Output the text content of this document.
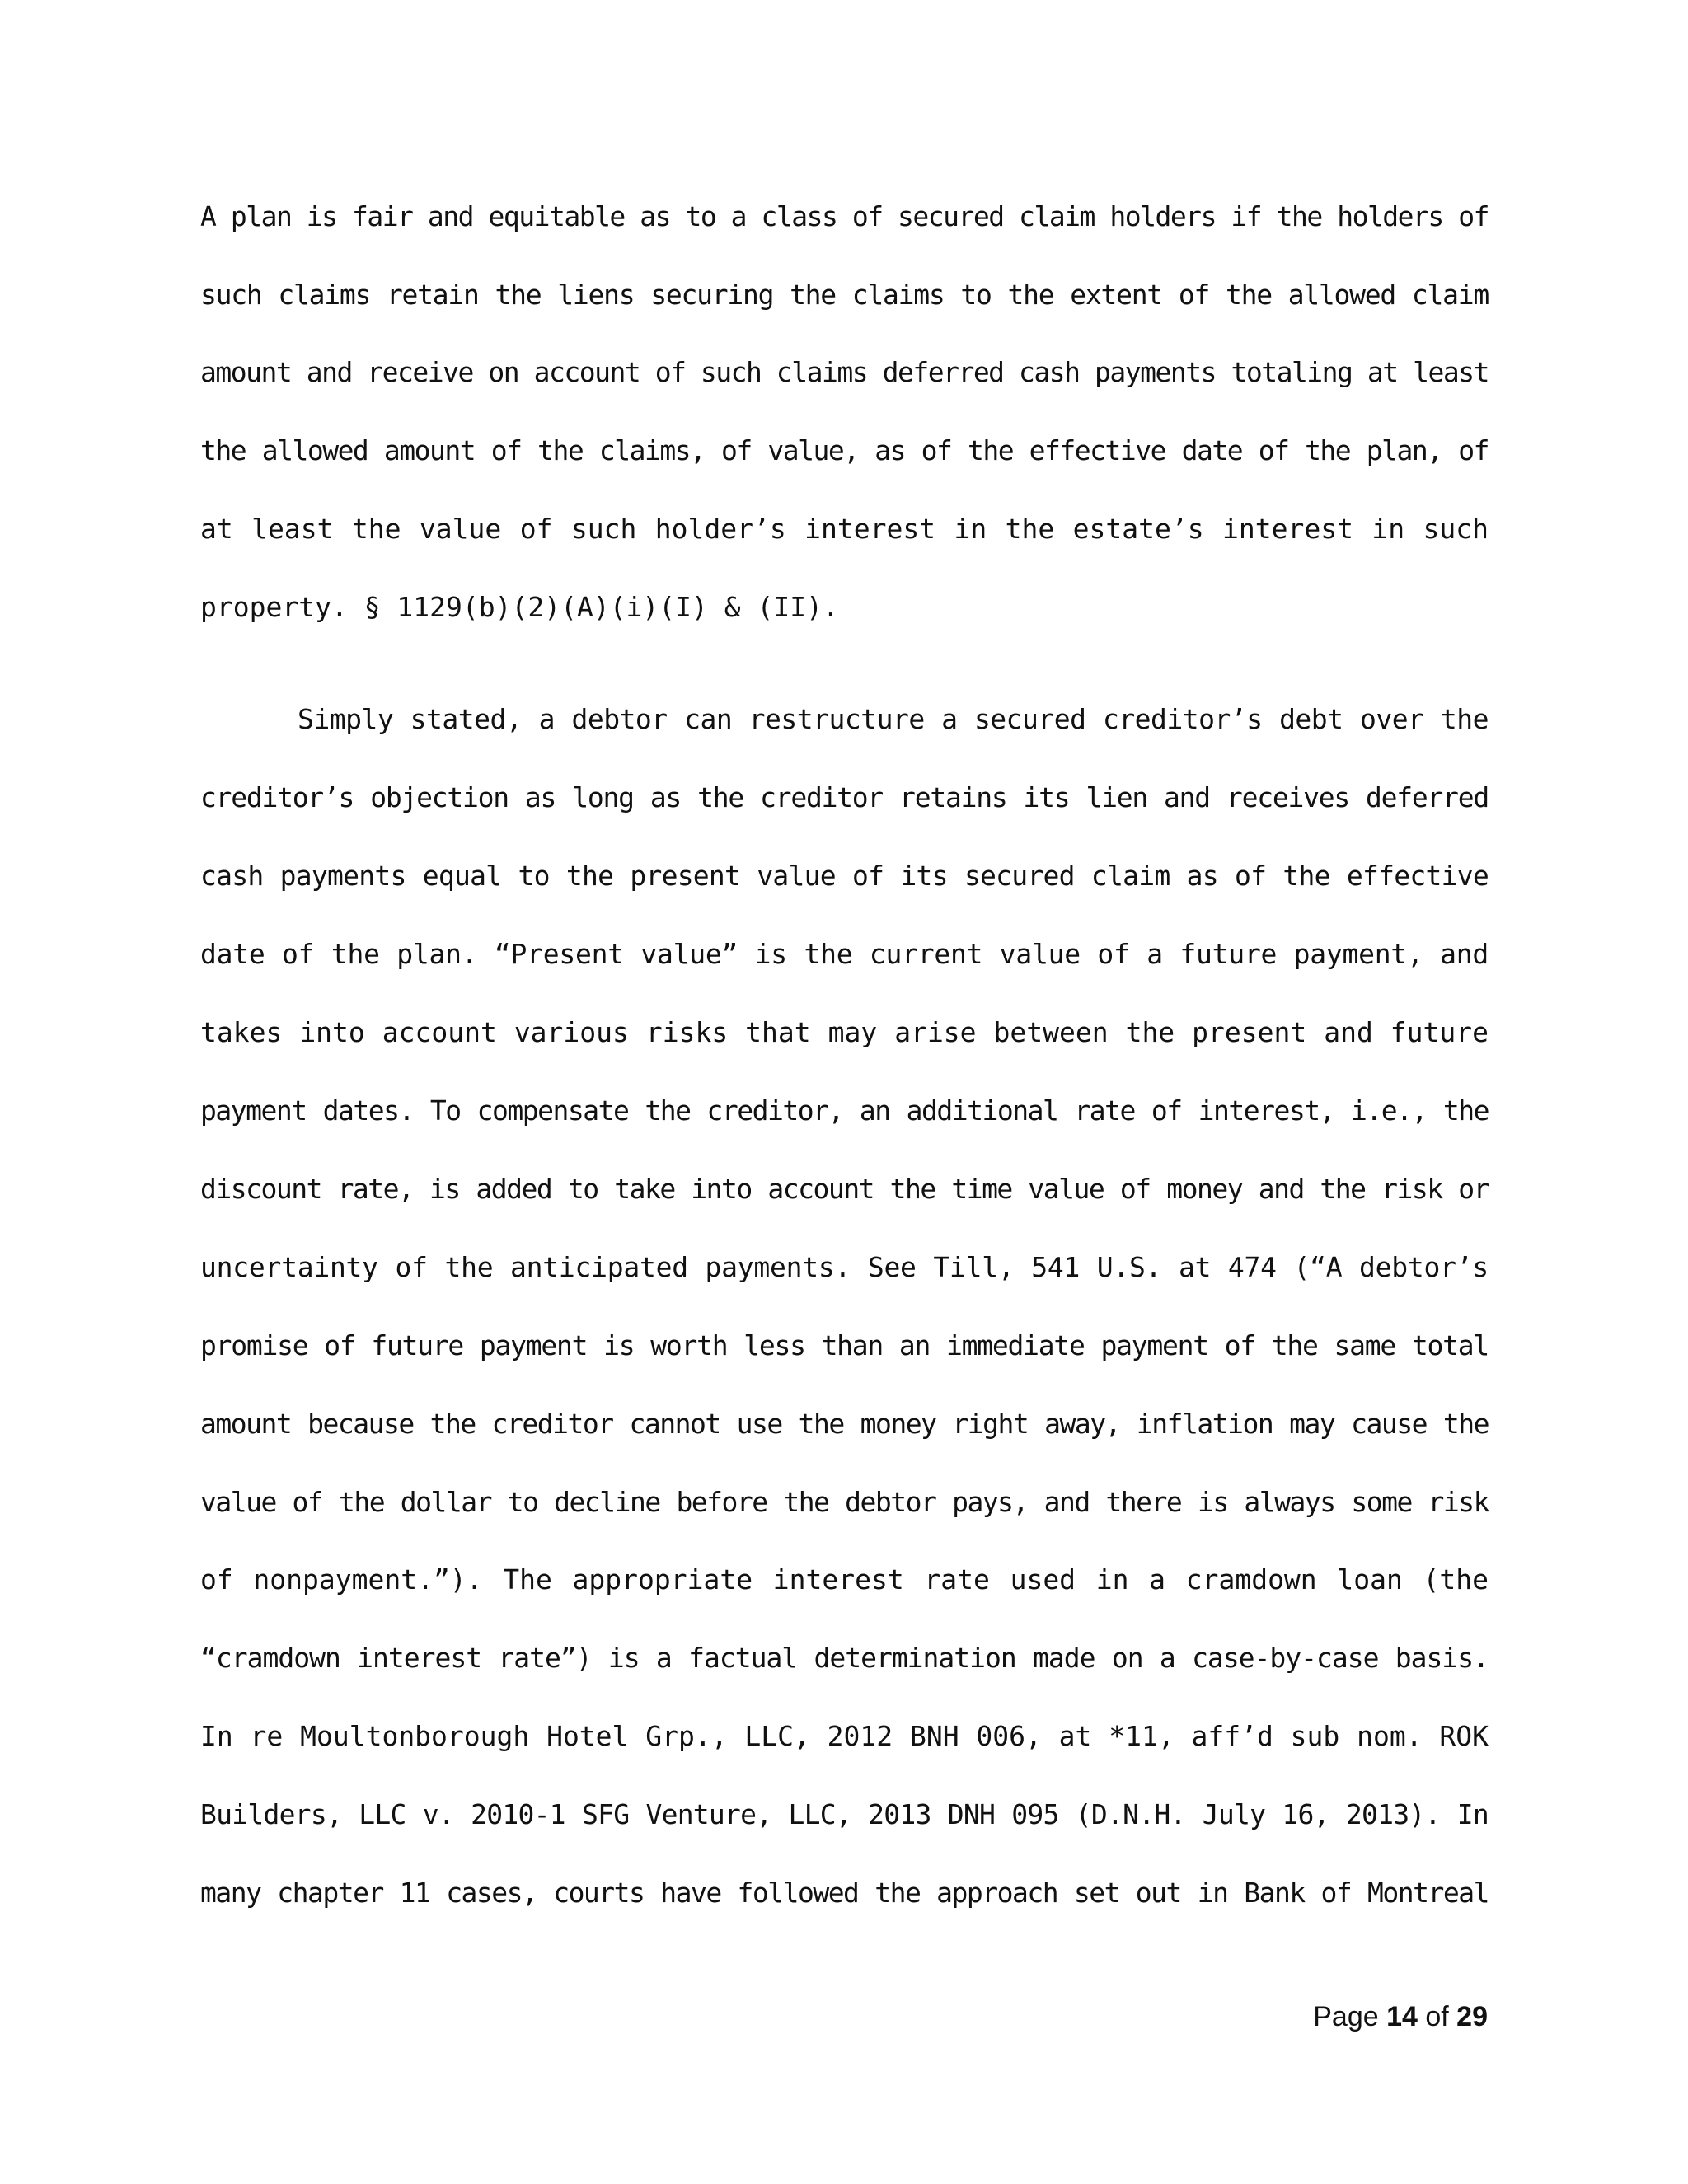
A plan is fair and equitable as to a class of secured claim holders if the holders of
such claims retain the liens securing the claims to the extent of the allowed claim
amount and receive on account of such claims deferred cash payments totaling at least
the allowed amount of the claims, of value, as of the effective date of the plan, of
at least the value of such holder’s interest in the estate’s interest in such
property. § 1129(b)(2)(A)(i)(I) & (II).
Simply stated, a debtor can restructure a secured creditor’s debt over the
creditor’s objection as long as the creditor retains its lien and receives deferred
cash payments equal to the present value of its secured claim as of the effective
date of the plan. “Present value” is the current value of a future payment, and
takes into account various risks that may arise between the present and future
payment dates. To compensate the creditor, an additional rate of interest, i.e., the
discount rate, is added to take into account the time value of money and the risk or
uncertainty of the anticipated payments. See Till, 541 U.S. at 474 (“A debtor’s
promise of future payment is worth less than an immediate payment of the same total
amount because the creditor cannot use the money right away, inflation may cause the
value of the dollar to decline before the debtor pays, and there is always some risk
of nonpayment.”). The appropriate interest rate used in a cramdown loan (the
“cramdown interest rate”) is a factual determination made on a case-by-case basis.
In re Moultonborough Hotel Grp., LLC, 2012 BNH 006, at *11, aff’d sub nom. ROK
Builders, LLC v. 2010-1 SFG Venture, LLC, 2013 DNH 095 (D.N.H. July 16, 2013). In
many chapter 11 cases, courts have followed the approach set out in Bank of Montreal
Page 14 of 29
